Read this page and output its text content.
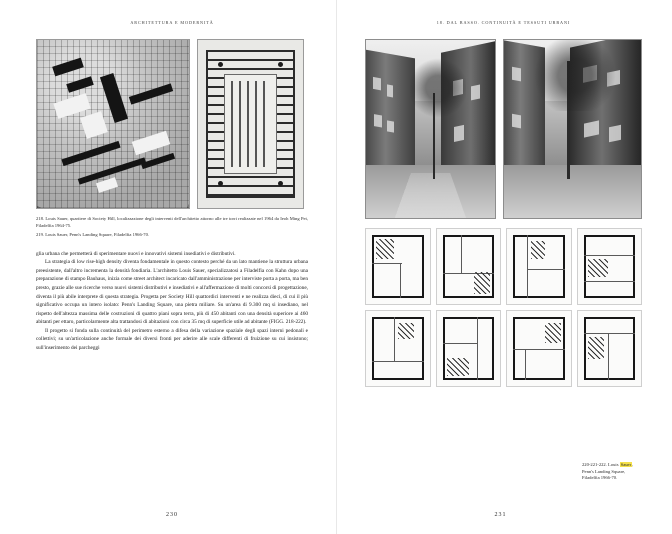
ARCHITETTURA E MODERNITÀ
218. Louis Sauer, quartiere di Society Hill, localizzazione degli interventi dell'architetto attorno alle tre torri realizzate nel 1964 da Ieoh Ming Pei, Filadelfia 1964-75.
219. Louis Sauer, Penn's Landing Square, Filadelfia 1966-70.

glia urbana che permetterà di sperimentare nuovi e innovativi sistemi insediativi e distributivi.

La strategia di low rise-high density diventa fondamentale in questo contesto perché da un lato mantiene la struttura urbana preesistente, dall'altro incrementa la densità fondiaria. L'architetto Louis Sauer, specializzatosi a Filadelfia con Kahn dopo una preparazione di stampo Bauhaus, inizia come street architect incaricato dall'amministrazione per interviste porta a porta, ma ben presto, grazie alle sue ricerche verso nuovi sistemi distributivi e insediativi e all'affermazione di molti concorsi di progettazione, diventa il più abile interprete di questa strategia. Progetta per Society Hill quattordici interventi e ne realizza dieci, di cui il più significativo occupa un intero isolato: Penn's Landing Square, una pietra miliare. Su un'area di 9.300 mq si insediano, nel rispetto dell'altezza massima delle costruzioni di quattro piani sopra terra, più di 450 abitanti con una densità superiore ai 460 abitanti per ettaro, particolarmente alta trattandosi di abitazioni con circa 35 mq di superficie utile ad abitante (FIGG. 218-222).

Il progetto si fonda sulla continuità del perimetro esterno a difesa della variazione spaziale degli spazi interni pedonali e collettivi; su un'articolazione anche formale dei diversi fronti per aderire alle scale differenti di fruizione su cui insistono; sull'inserimento dei parcheggi

230
18. DAL BASSO. CONTINUITÀ E TESSUTI URBANI
220-221-222. Louis Sauer, Penn's Landing Square, Filadelfia 1966-70.
231
